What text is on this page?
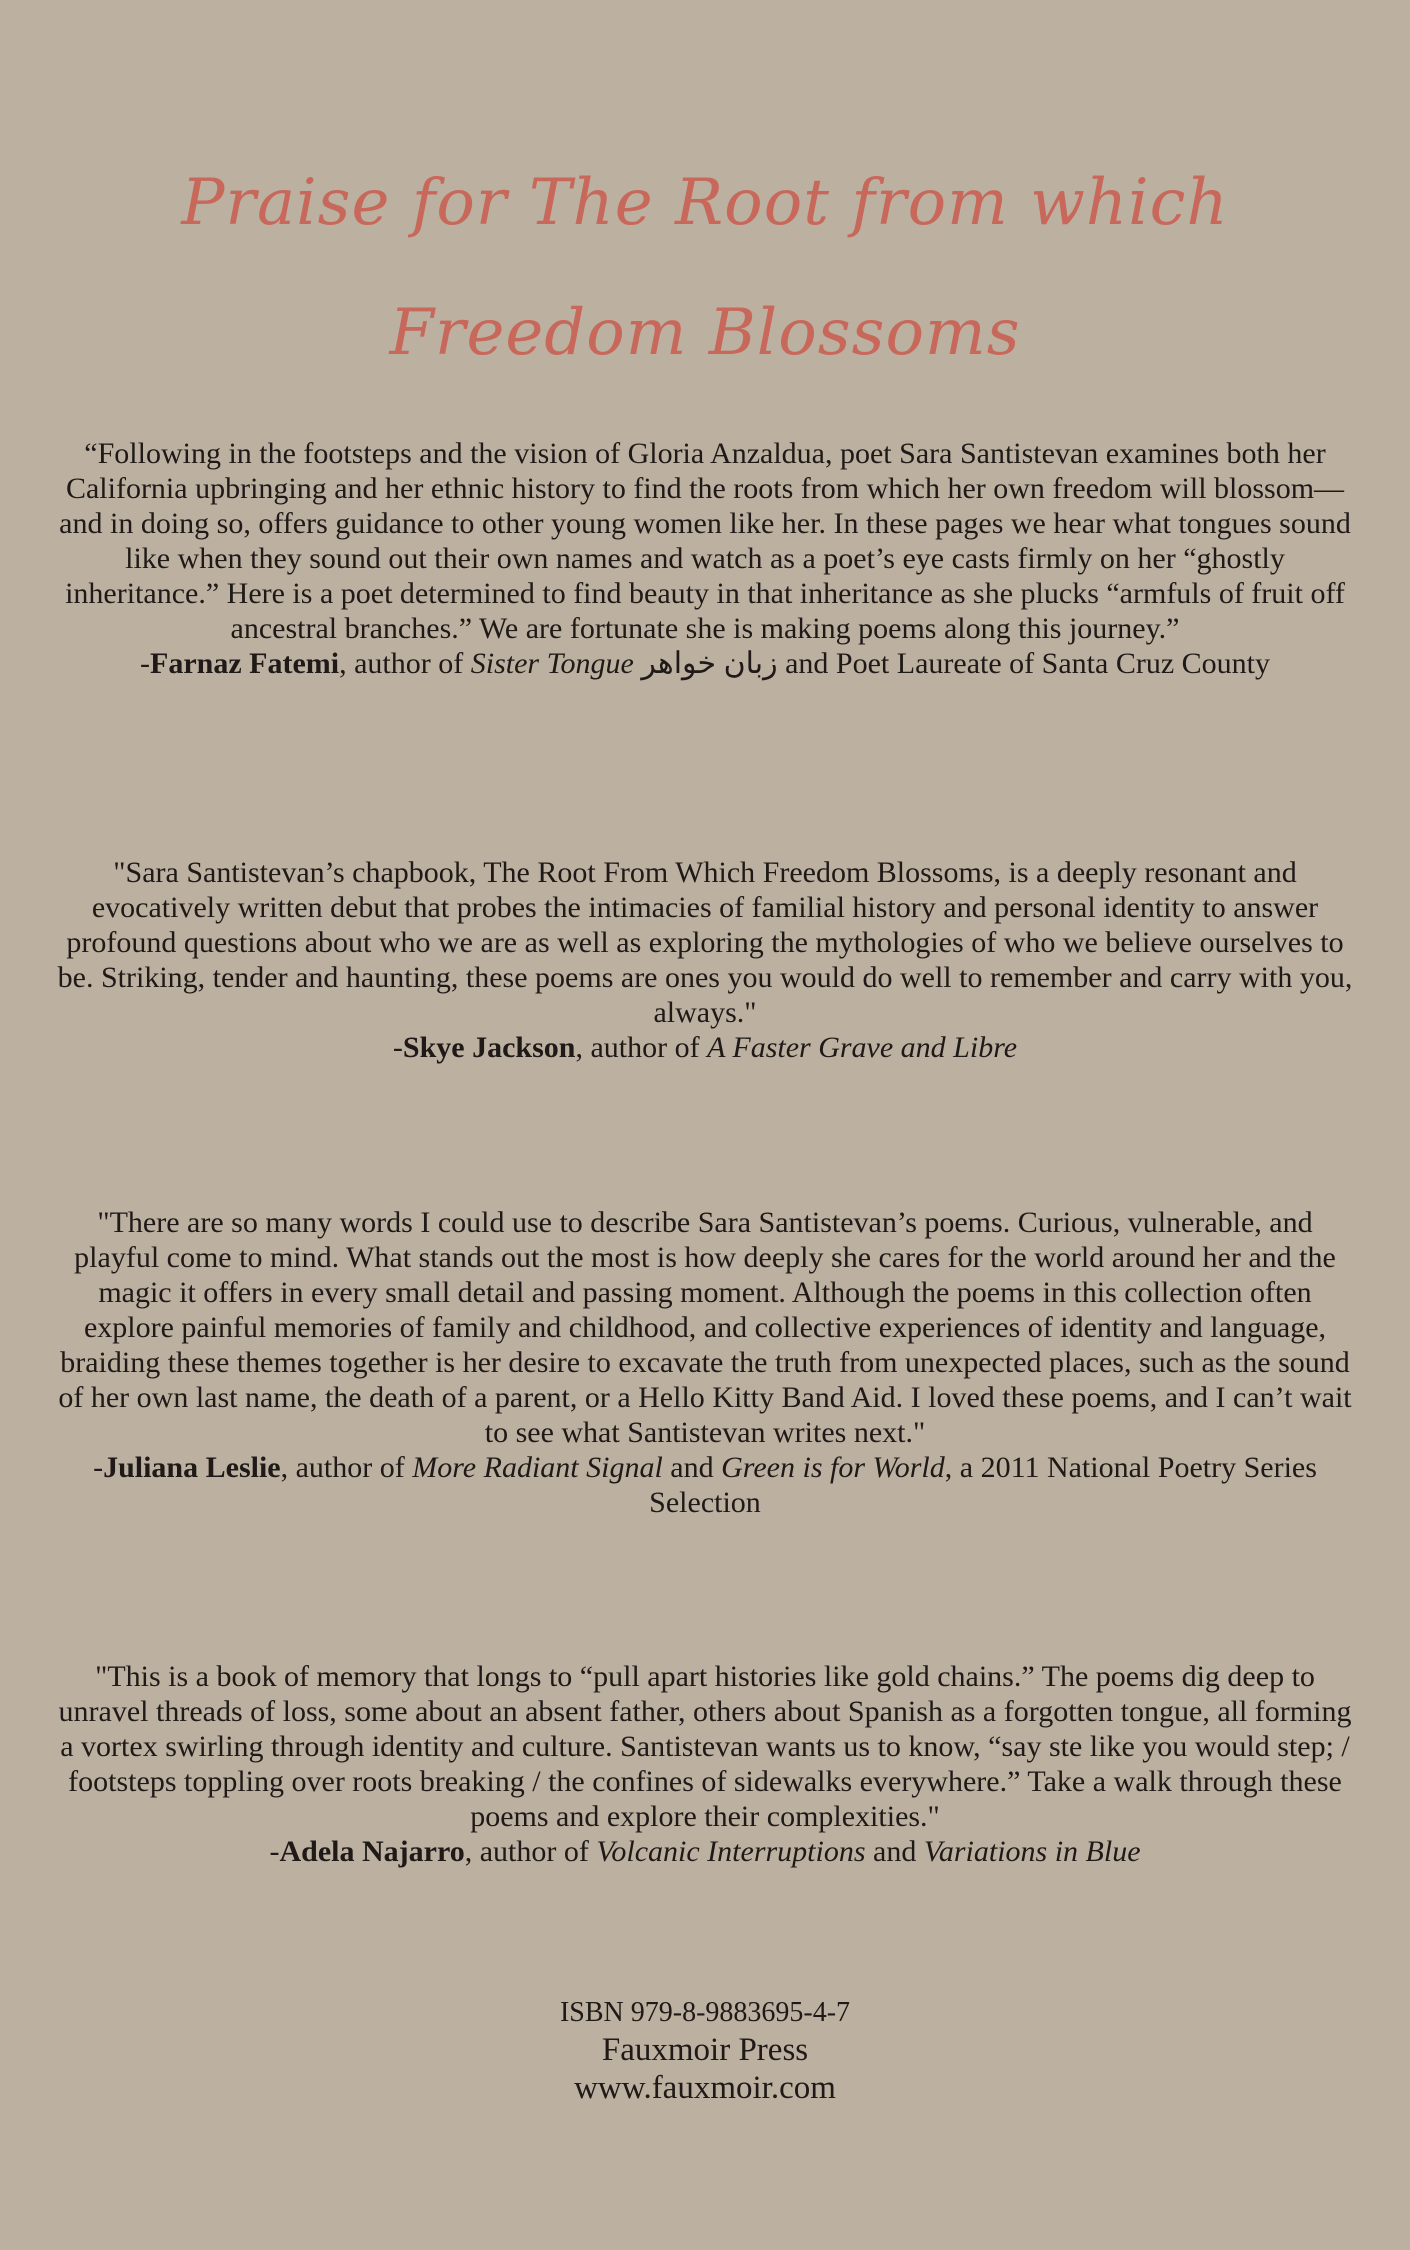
Praise for The Root from which Freedom Blossoms

“Following in the footsteps and the vision of Gloria Anzaldua, poet Sara Santistevan examines both her California upbringing and her ethnic history to find the roots from which her own freedom will blossom—and in doing so, offers guidance to other young women like her. In these pages we hear what tongues sound like when they sound out their own names and watch as a poet’s eye casts firmly on her “ghostly inheritance.” Here is a poet determined to find beauty in that inheritance as she plucks “armfuls of fruit off ancestral branches.” We are fortunate she is making poems along this journey.”

-Farnaz Fatemi, author of Sister Tongue زبان خواهر and Poet Laureate of Santa Cruz County

"Sara Santistevan’s chapbook, The Root From Which Freedom Blossoms, is a deeply resonant and evocatively written debut that probes the intimacies of familial history and personal identity to answer profound questions about who we are as well as exploring the mythologies of who we believe ourselves to be. Striking, tender and haunting, these poems are ones you would do well to remember and carry with you, always."

-Skye Jackson, author of A Faster Grave and Libre

"There are so many words I could use to describe Sara Santistevan’s poems. Curious, vulnerable, and playful come to mind. What stands out the most is how deeply she cares for the world around her and the magic it offers in every small detail and passing moment. Although the poems in this collection often explore painful memories of family and childhood, and collective experiences of identity and language, braiding these themes together is her desire to excavate the truth from unexpected places, such as the sound of her own last name, the death of a parent, or a Hello Kitty Band Aid. I loved these poems, and I can’t wait to see what Santistevan writes next."

-Juliana Leslie, author of More Radiant Signal and Green is for World, a 2011 National Poetry Series Selection

"This is a book of memory that longs to “pull apart histories like gold chains.” The poems dig deep to unravel threads of loss, some about an absent father, others about Spanish as a forgotten tongue, all forming a vortex swirling through identity and culture. Santistevan wants us to know, “say ste like you would step; / footsteps toppling over roots breaking / the confines of sidewalks everywhere.” Take a walk through these poems and explore their complexities."

-Adela Najarro, author of Volcanic Interruptions and Variations in Blue

ISBN 979-8-9883695-4-7
Fauxmoir Press
www.fauxmoir.com
